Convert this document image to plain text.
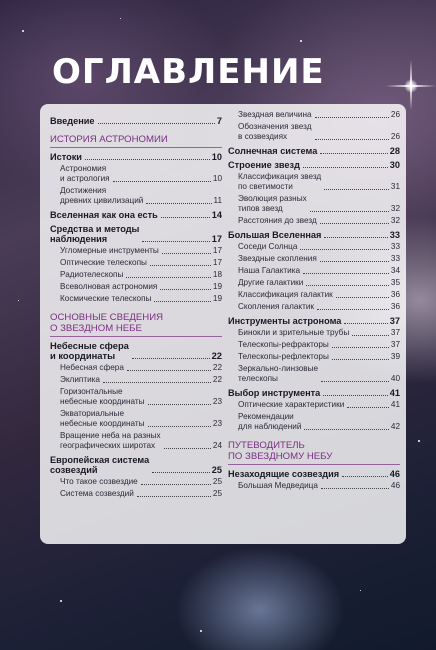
ОГЛАВЛЕНИЕ
Введение	7
ИСТОРИЯ АСТРОНОМИИ
Истоки	10
Астрономия
и астрология	10
Достижения
древних цивилизаций	11
Вселенная как она есть	14
Средства и методы
наблюдения	17
Угломерные инструменты	17
Оптические телескопы	17
Радиотелескопы	18
Всеволновая астрономия	19
Космические телескопы	19
ОСНОВНЫЕ СВЕДЕНИЯ
О ЗВЕЗДНОМ НЕБЕ
Небесные сфера
и координаты	22
Небесная сфера	22
Эклиптика	22
Горизонтальные
небесные координаты	23
Экваториальные
небесные координаты	23
Вращение неба на разных
географических широтах	24
Европейская система
созвездий	25
Что такое созвездие	25
Система созвездий	25
Звездная величина	26
Обозначения звезд
в созвездиях	26
Солнечная система	28
Строение звезд	30
Классификация звезд
по светимости	31
Эволюция разных
типов звезд	32
Расстояния до звезд	32
Большая Вселенная	33
Соседи Солнца	33
Звездные скопления	33
Наша Галактика	34
Другие галактики	35
Классификация галактик	36
Скопления галактик	36
Инструменты астронома	37
Бинокли и зрительные трубы	37
Телескопы-рефракторы	37
Телескопы-рефлекторы	39
Зеркально-линзовые
телескопы	40
Выбор инструмента	41
Оптические характеристики	41
Рекомендации
для наблюдений	42
ПУТЕВОДИТЕЛЬ
ПО ЗВЕЗДНОМУ НЕБУ
Незаходящие созвездия	46
Большая Медведица	46
